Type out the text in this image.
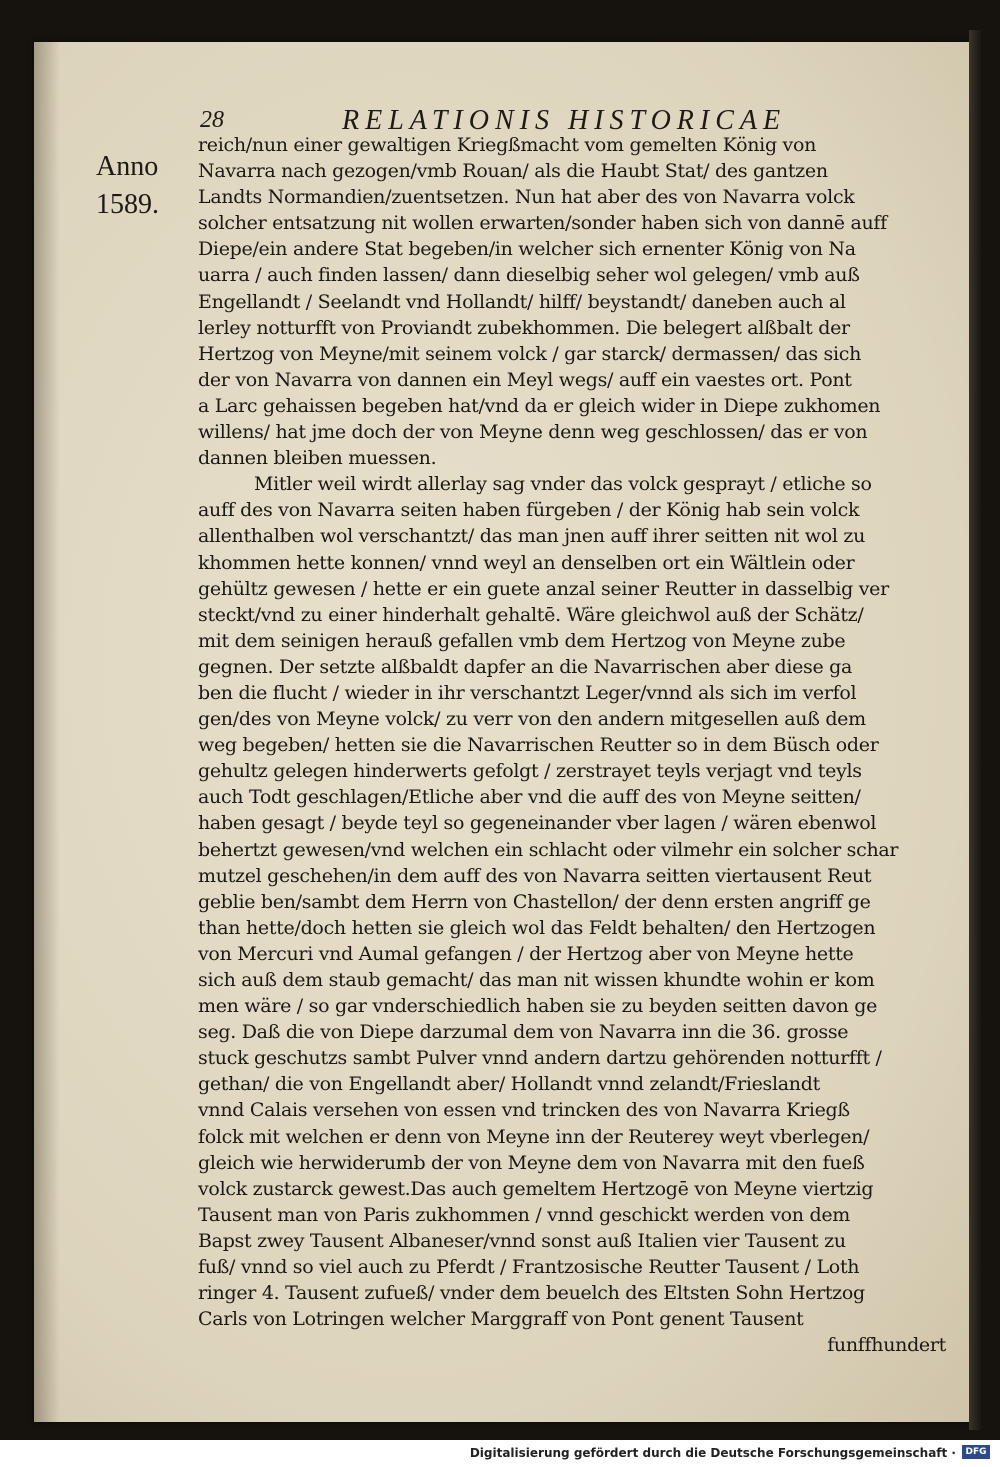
28	RELATIONIS HISTORICAE
Anno
1589.
reich/nun einer gewaltigen Kriegßmacht vom gemelten König von
Navarra nach gezogen/vmb Rouan/ als die Haubt Stat/ des gantzen
Landts Normandien/zuentsetzen. Nun hat aber des von Navarra volck
solcher entsatzung nit wollen erwarten/sonder haben sich von dannē auff
Diepe/ein andere Stat begeben/in welcher sich ernenter König von Na
uarra / auch finden lassen/ dann dieselbig seher wol gelegen/ vmb auß
Engellandt / Seelandt vnd Hollandt/ hilff/ beystandt/ daneben auch al
lerley notturfft von Proviandt zubekhommen. Die belegert alßbalt der
Hertzog von Meyne/mit seinem volck / gar starck/ dermassen/ das sich
der von Navarra von dannen ein Meyl wegs/ auff ein vaestes ort. Pont
a Larc gehaissen begeben hat/vnd da er gleich wider in Diepe zukhomen
willens/ hat jme doch der von Meyne denn weg geschlossen/ das er von
dannen bleiben muessen.
Mitler weil wirdt allerlay sag vnder das volck gesprayt / etliche so
auff des von Navarra seiten haben fürgeben / der König hab sein volck
allenthalben wol verschantzt/ das man jnen auff ihrer seitten nit wol zu
khommen hette konnen/ vnnd weyl an denselben ort ein Wältlein oder
gehültz gewesen / hette er ein guete anzal seiner Reutter in dasselbig ver
steckt/vnd zu einer hinderhalt gehaltē. Wäre gleichwol auß der Schätz/
mit dem seinigen herauß gefallen vmb dem Hertzog von Meyne zube
gegnen. Der setzte alßbaldt dapfer an die Navarrischen aber diese ga
ben die flucht / wieder in ihr verschantzt Leger/vnnd als sich im verfol
gen/des von Meyne volck/ zu verr von den andern mitgesellen auß dem
weg begeben/ hetten sie die Navarrischen Reutter so in dem Büsch oder
gehultz gelegen hinderwerts gefolgt / zerstrayet teyls verjagt vnd teyls
auch Todt geschlagen/Etliche aber vnd die auff des von Meyne seitten/
haben gesagt / beyde teyl so gegeneinander vber lagen / wären ebenwol
behertzt gewesen/vnd welchen ein schlacht oder vilmehr ein solcher schar
mutzel geschehen/in dem auff des von Navarra seitten viertausent Reut
geblie ben/sambt dem Herrn von Chastellon/ der denn ersten angriff ge
than hette/doch hetten sie gleich wol das Feldt behalten/ den Hertzogen
von Mercuri vnd Aumal gefangen / der Hertzog aber von Meyne hette
sich auß dem staub gemacht/ das man nit wissen khundte wohin er kom
men wäre / so gar vnderschiedlich haben sie zu beyden seitten davon ge
seg. Daß die von Diepe darzumal dem von Navarra inn die 36. grosse
stuck geschutzs sambt Pulver vnnd andern dartzu gehörenden notturfft /
gethan/ die von Engellandt aber/ Hollandt vnnd zelandt/Frieslandt
vnnd Calais versehen von essen vnd trincken des von Navarra Kriegß
folck mit welchen er denn von Meyne inn der Reuterey weyt vberlegen/
gleich wie herwiderumb der von Meyne dem von Navarra mit den fueß
volck zustarck gewest.Das auch gemeltem Hertzogē von Meyne viertzig
Tausent man von Paris zukhommen / vnnd geschickt werden von dem
Bapst zwey Tausent Albaneser/vnnd sonst auß Italien vier Tausent zu
fuß/ vnnd so viel auch zu Pferdt / Frantzosische Reutter Tausent / Loth
ringer 4. Tausent zufueß/ vnder dem beuelch des Eltsten Sohn Hertzog
Carls von Lotringen welcher Marggraff von Pont genent Tausent
funffhundert
Digitalisierung gefördert durch die Deutsche Forschungsgemeinschaft ·	DFG
